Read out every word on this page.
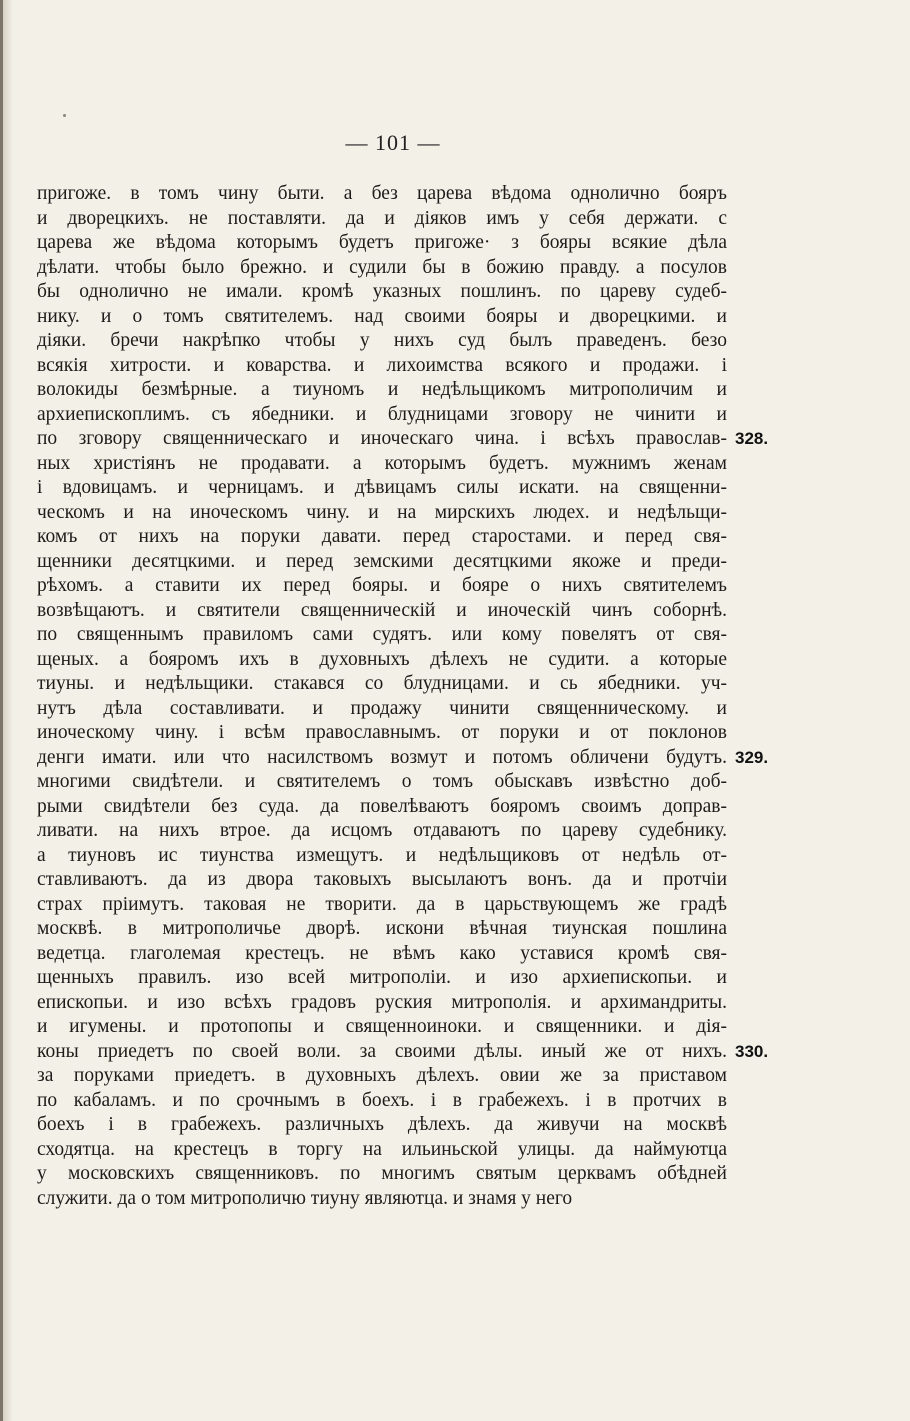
— 101 —
пригоже. в томъ чину быти. а без царева вѣдома однолично бояръ
и дворецкихъ. не поставляти. да и діяков имъ у себя держати. с
царева же вѣдома которымъ будетъ пригоже· з бояры всякие дѣла
дѣлати. чтобы было брежно. и судили бы в божию правду. а посулов
бы однолично не имали. кромѣ указных пошлинъ. по цареву судеб-
нику. и о томъ святителемъ. над своими бояры и дворецкими. и
діяки. бречи накрѣпко чтобы у нихъ суд былъ праведенъ. безо
всякія хитрости. и коварства. и лихоимства всякого и продажи. і
волокиды безмѣрные. а тиуномъ и недѣльщикомъ митрополичим и
архиепископлимъ. съ ябедники. и блудницами зговору не чинити и
по зговору священническаго и иноческаго чина. і всѣхъ православ-
ных христіянъ не продавати. а которымъ будетъ. мужнимъ женам
і вдовицамъ. и черницамъ. и дѣвицамъ силы искати. на священни-
ческомъ и на иноческомъ чину. и на мирскихъ людех. и недѣльщи-
комъ от нихъ на поруки давати. перед старостами. и перед свя-
щенники десятцкими. и перед земскими десятцкими якоже и преди-
рѣхомъ. а ставити их перед бояры. и бояре о нихъ святителемъ
возвѣщаютъ. и святители священническій и иноческій чинъ соборнѣ.
по священнымъ правиломъ сами судятъ. или кому повелятъ от свя-
щеных. а бояромъ ихъ в духовныхъ дѣлехъ не судити. а которые
тиуны. и недѣльщики. стакався со блудницами. и сь ябедники. уч-
нутъ дѣла составливати. и продажу чинити священническому. и
иноческому чину. і всѣм православнымъ. от поруки и от поклонов
денги имати. или что насилствомъ возмут и потомъ обличени будутъ.
многими свидѣтели. и святителемъ о томъ обыскавъ извѣстно доб-
рыми свидѣтели без суда. да повелѣваютъ бояромъ своимъ доправ-
ливати. на нихъ втрое. да исцомъ отдаваютъ по цареву судебнику.
а тиуновъ ис тиунства измещутъ. и недѣльщиковъ от недѣль от-
ставливаютъ. да из двора таковыхъ высылаютъ вонъ. да и протчіи
страх пріимутъ. таковая не творити. да в царьствующемъ же градѣ
москвѣ. в митрополичье дворѣ. искони вѣчная тиунская пошлина
ведетца. глаголемая крестецъ. не вѣмъ како уставися кромѣ свя-
щенныхъ правилъ. изо всей митрополіи. и изо архиепископьи. и
епископьи. и изо всѣхъ градовъ руския митрополія. и архимандриты.
и игумены. и протопопы и священноиноки. и священники. и дія-
коны приедетъ по своей воли. за своими дѣлы. иный же от нихъ.
за поруками приедетъ. в духовныхъ дѣлехъ. овии же за приставом
по кабаламъ. и по срочнымъ в боехъ. і в грабежехъ. і в протчих в
боехъ і в грабежехъ. различныхъ дѣлехъ. да живучи на москвѣ
сходятца. на крестецъ в торгу на ильиньской улицы. да наймуютца
у московскихъ священниковъ. по многимъ святым церквамъ обѣдней
служити. да о том митрополичю тиуну являютца. и знамя у него
328.
329.
330.
